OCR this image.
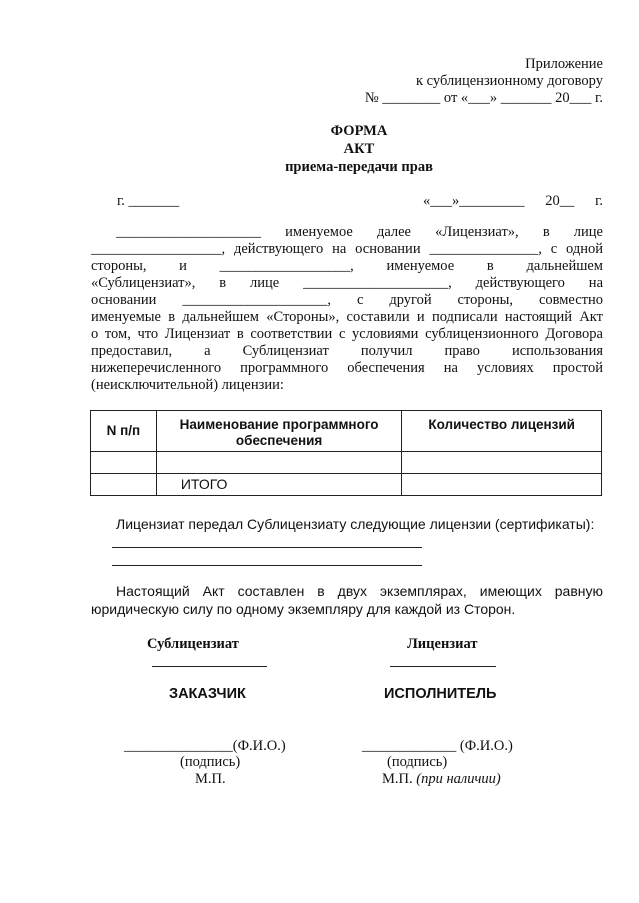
Приложение
к сублицензионному договору
№ ________ от «___» _______ 20___ г.
ФОРМА
АКТ
приема-передачи прав
г. _______	«___»_________ 20__ г.
____________________ именуемое далее «Лицензиат», в лице
__________________, действующего на основании _______________, с одной
стороны, и __________________, именуемое в дальнейшем
«Сублицензиат», в лице ____________________, действующего на
основании ____________________, с другой стороны, совместно
именуемые в дальнейшем «Стороны», составили и подписали настоящий Акт
о том, что Лицензиат в соответствии с условиями сублицензионного Договора
предоставил, а Сублицензиат получил право использования
нижеперечисленного программного обеспечения на условиях простой
(неисключительной) лицензии:
N п/п	Наименование программного обеспечения	Количество лицензий

	ИТОГО	
Лицензиат передал Сублицензиату следующие лицензии (сертификаты):
Настоящий Акт составлен в двух экземплярах, имеющих равную
юридическую силу по одному экземпляру для каждой из Сторон.
Сублицензиат
ЗАКАЗЧИК
_______________(Ф.И.О.)
(подпись)
М.П.
Лицензиат
ИСПОЛНИТЕЛЬ
_____________ (Ф.И.О.)
(подпись)
М.П. (при наличии)
